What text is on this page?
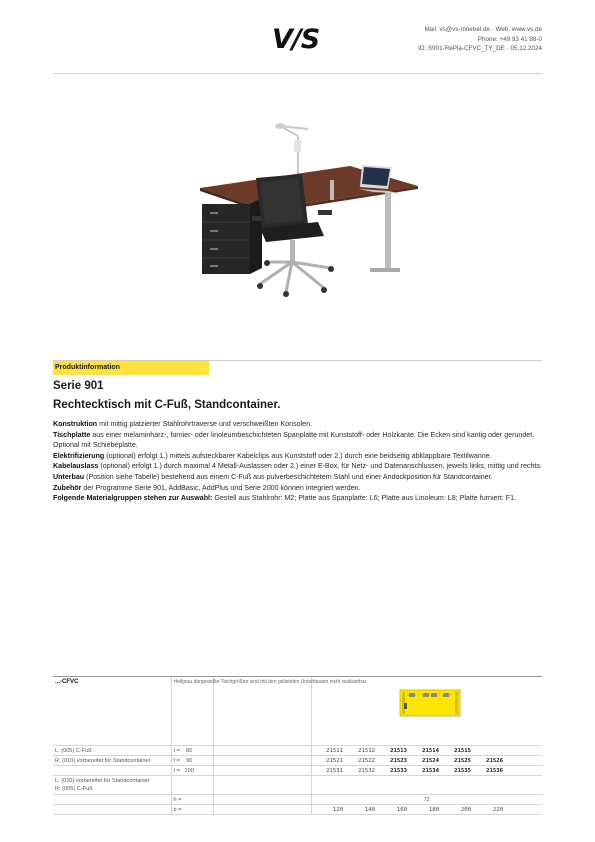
V/S	Mail: vs@vs-moebel.de · Web: www.vs.de
Phone: +49 93 41 88-0
ID: S901-RePla-CFVC_TY_DE · 05.12.2024
Produktinformation
Serie 901
Rechtecktisch mit C-Fuß, Standcontainer.
Konstruktion mit mittig platzierter Stahlrohrtraverse und verschweißten Konsolen.
Tischplatte aus einer melaminharz-, furnier- oder linoleumbeschichteten Spanplatte mit Kunststoff- oder Holzkante. Die Ecken sind kantig oder gerundet. Optional mit Schiebeplatte.
Elektrifizierung (optional) erfolgt 1.) mittels aufsteckbarer Kabelclips aus Kunststoff oder 2.) durch eine beidseitig abklappbare Textilwanne.
Kabelauslass (optional) erfolgt 1.) durch maximal 4 Metall-Auslassen oder 2.) einer E-Box, für Netz- und Datenanschlussen, jeweils links, mittig und rechts.
Unterbau (Position siehe Tabelle) bestehend aus einem C-Fuß aus pulverbeschichtetem Stahl und einer Andockposition für Standcontainer.
Zubehör der Programme Serie 901, AddBasic, AddPlus und Serie 2000 können integriert werden.
Folgende Materialgruppen stehen zur Auswahl: Gestell aus Stahlrohr: M2; Platte aus Spanplatte: L6; Platte aus Linoleum: L8; Platte furniert: F1.
...-CFVC	Hellgrau dargestellte Tischgrößen sind mit den gelisteten Unterbauten nicht realisierbar.								
L: (005) C-Fuß	t = 80		21511	21512	21513	21514	21515		
R: (010) vorbereitet für Standcontainer	t = 90		21521	21522	21523	21524	21525	21526	
	t = 100		21531	21532	21533	21534	21535	21536	

L: (010) vorbereitet für Standcontainer
R: (005) C-Fuß									

	h =		72						
	b =		120	140	160	180	200	220	
